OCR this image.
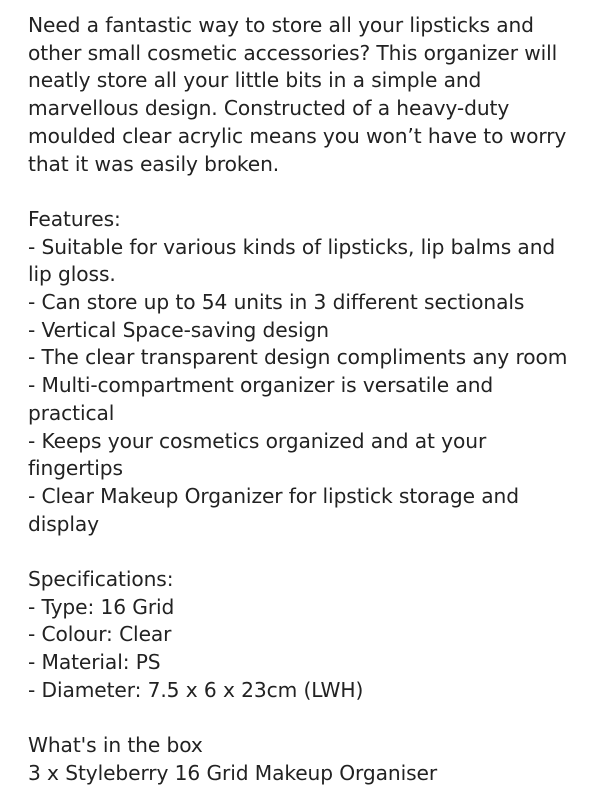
Need a fantastic way to store all your lipsticks and
other small cosmetic accessories? This organizer will
neatly store all your little bits in a simple and
marvellous design. Constructed of a heavy-duty
moulded clear acrylic means you won’t have to worry
that it was easily broken.

Features:
- Suitable for various kinds of lipsticks, lip balms and
lip gloss.
- Can store up to 54 units in 3 different sectionals
- Vertical Space-saving design
- The clear transparent design compliments any room
- Multi-compartment organizer is versatile and
practical
- Keeps your cosmetics organized and at your
fingertips
- Clear Makeup Organizer for lipstick storage and
display
Specifications:
- Type: 16 Grid
- Colour: Clear
- Material: PS
- Diameter: 7.5 x 6 x 23cm (LWH)
What's in the box
3 x Styleberry 16 Grid Makeup Organiser
